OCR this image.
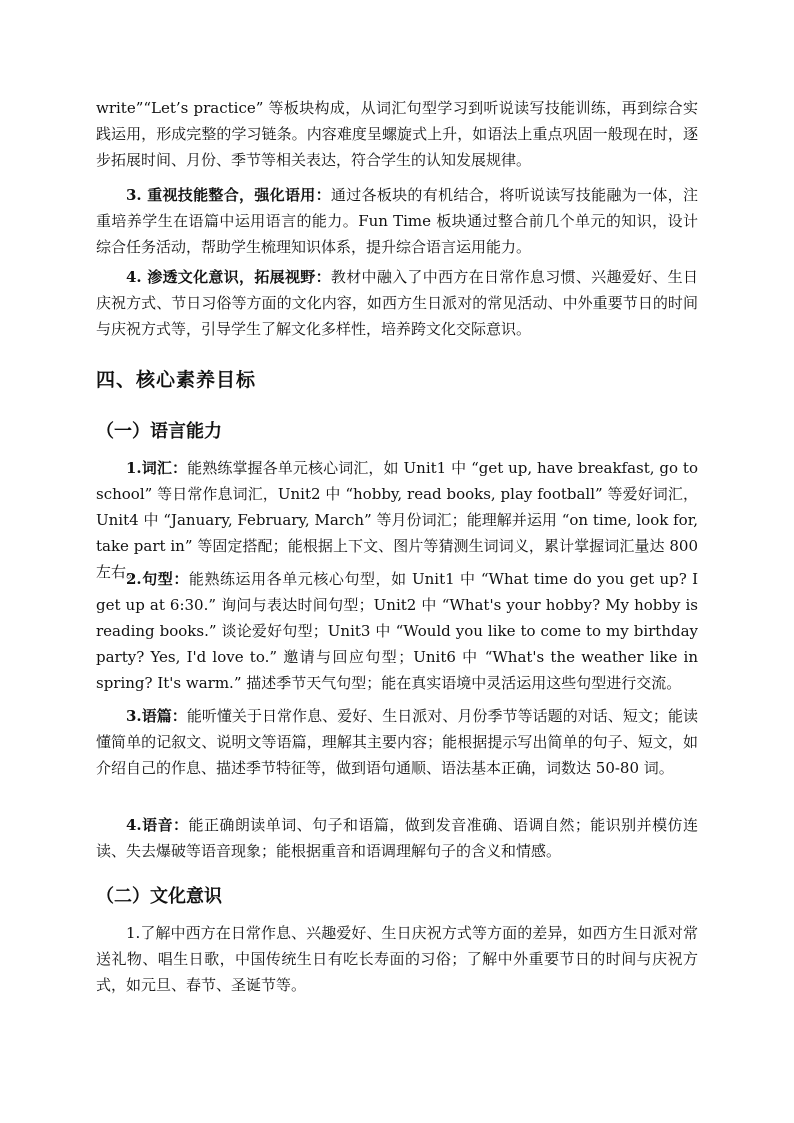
write”“Let’s practice” 等板块构成，从词汇句型学习到听说读写技能训练，再到综合实践运用，形成完整的学习链条。内容难度呈螺旋式上升，如语法上重点巩固一般现在时，逐步拓展时间、月份、季节等相关表达，符合学生的认知发展规律。

3. 重视技能整合，强化语用：通过各板块的有机结合，将听说读写技能融为一体，注重培养学生在语篇中运用语言的能力。Fun Time 板块通过整合前几个单元的知识，设计综合任务活动，帮助学生梳理知识体系，提升综合语言运用能力。

4. 渗透文化意识，拓展视野：教材中融入了中西方在日常作息习惯、兴趣爱好、生日庆祝方式、节日习俗等方面的文化内容，如西方生日派对的常见活动、中外重要节日的时间与庆祝方式等，引导学生了解文化多样性，培养跨文化交际意识。

四、核心素养目标
（一）语言能力

1.词汇：能熟练掌握各单元核心词汇，如 Unit1 中 “get up, have breakfast, go to school” 等日常作息词汇，Unit2 中 “hobby, read books, play football” 等爱好词汇，Unit4 中 “January, February, March” 等月份词汇；能理解并运用 “on time, look for, take part in” 等固定搭配；能根据上下文、图片等猜测生词词义，累计掌握词汇量达 800 左右。

2.句型：能熟练运用各单元核心句型，如 Unit1 中 “What time do you get up? I get up at 6:30.” 询问与表达时间句型；Unit2 中 “What's your hobby? My hobby is reading books.” 谈论爱好句型；Unit3 中 “Would you like to come to my birthday party? Yes, I'd love to.” 邀请与回应句型；Unit6 中 “What's the weather like in spring? It's warm.” 描述季节天气句型；能在真实语境中灵活运用这些句型进行交流。

3.语篇：能听懂关于日常作息、爱好、生日派对、月份季节等话题的对话、短文；能读懂简单的记叙文、说明文等语篇，理解其主要内容；能根据提示写出简单的句子、短文，如介绍自己的作息、描述季节特征等，做到语句通顺、语法基本正确，词数达 50-80 词。

4.语音：能正确朗读单词、句子和语篇，做到发音准确、语调自然；能识别并模仿连读、失去爆破等语音现象；能根据重音和语调理解句子的含义和情感。

（二）文化意识

1.了解中西方在日常作息、兴趣爱好、生日庆祝方式等方面的差异，如西方生日派对常送礼物、唱生日歌，中国传统生日有吃长寿面的习俗；了解中外重要节日的时间与庆祝方式，如元旦、春节、圣诞节等。
